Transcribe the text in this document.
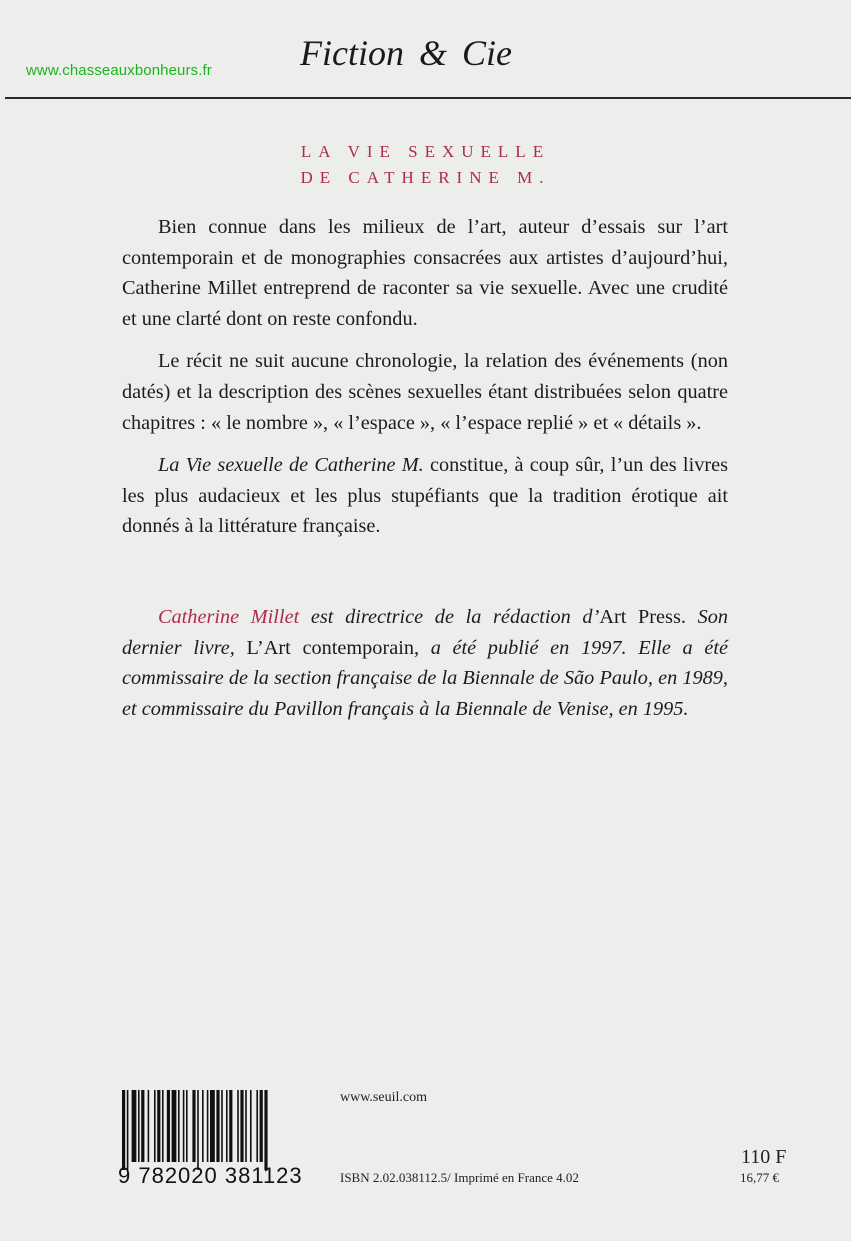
www.chasseauxbonheurs.fr Fiction & Cie
LA VIE SEXUELLE
DE CATHERINE M.

Bien connue dans les milieux de l’art, auteur d’essais sur l’art contemporain et de monographies consacrées aux artistes d’aujourd’hui, Catherine Millet entreprend de raconter sa vie sexuelle. Avec une crudité et une clarté dont on reste confondu.

Le récit ne suit aucune chronologie, la relation des événements (non datés) et la description des scènes sexuelles étant distribuées selon quatre chapitres : « le nombre », « l’espace », « l’espace replié » et « détails ».

La Vie sexuelle de Catherine M. constitue, à coup sûr, l’un des livres les plus audacieux et les plus stupéfiants que la tradition érotique ait donnés à la littérature française.

Catherine Millet est directrice de la rédaction d’Art Press. Son dernier livre, L’Art contemporain, a été publié en 1997. Elle a été commissaire de la section française de la Biennale de São Paulo, en 1989, et commissaire du Pavillon français à la Biennale de Venise, en 1995.

9 782020 381123
www.seuil.com
ISBN 2.02.038112.5/ Imprimé en France 4.02
110 F
16,77 €
